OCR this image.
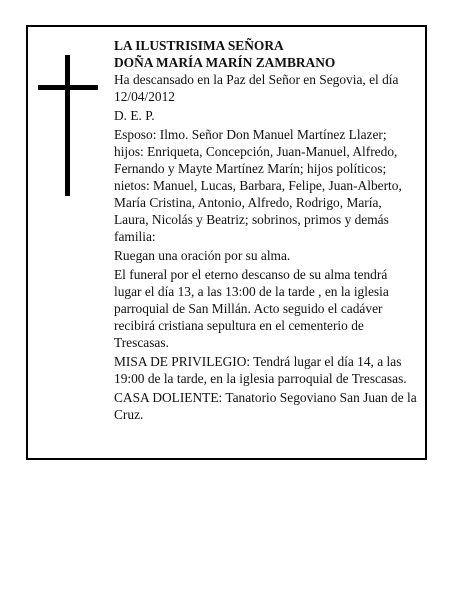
LA ILUSTRISIMA SEÑORA

DOÑA MARÍA MARÍN ZAMBRANO

Ha descansado en la Paz del Señor en Segovia, el día 12/04/2012

D. E. P.

Esposo: Ilmo. Señor Don Manuel Martínez Llazer; hijos: Enriqueta, Concepción, Juan-Manuel, Alfredo, Fernando y Mayte Martínez Marín; hijos políticos; nietos: Manuel, Lucas, Barbara, Felipe, Juan-Alberto, María Cristina, Antonio, Alfredo, Rodrigo, María, Laura, Nicolás y Beatriz; sobrinos, primos y demás familia:

Ruegan una oración por su alma.

El funeral por el eterno descanso de su alma tendrá lugar el día 13, a las 13:00 de la tarde , en la iglesia parroquial de San Millán. Acto seguido el cadáver recibirá cristiana sepultura en el cementerio de Trescasas.

MISA DE PRIVILEGIO: Tendrá lugar el día 14, a las 19:00 de la tarde, en la iglesia parroquial de Trescasas.

CASA DOLIENTE: Tanatorio Segoviano San Juan de la Cruz.
